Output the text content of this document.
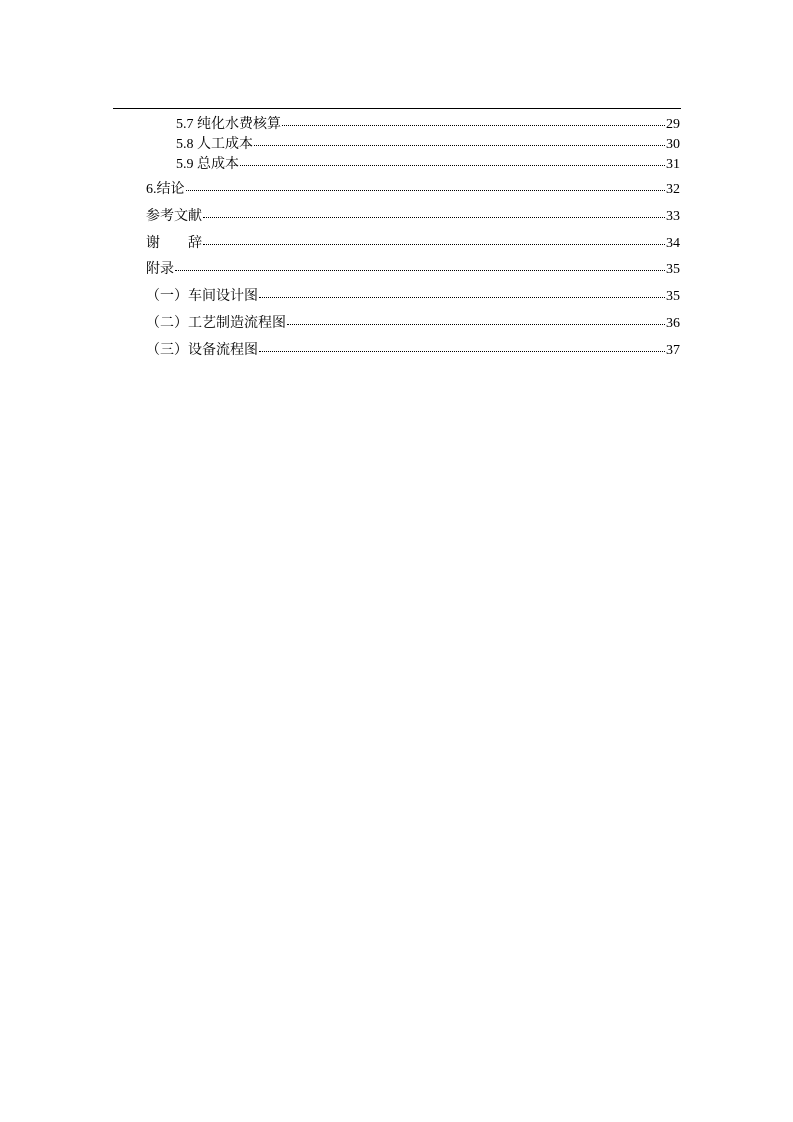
5.7 纯化水费核算	29
5.8 人工成本	30
5.9 总成本	31
6.结论	32
参考文献	33
谢 辞	34
附录	35
（一）车间设计图	35
（二）工艺制造流程图	36
（三）设备流程图	37
